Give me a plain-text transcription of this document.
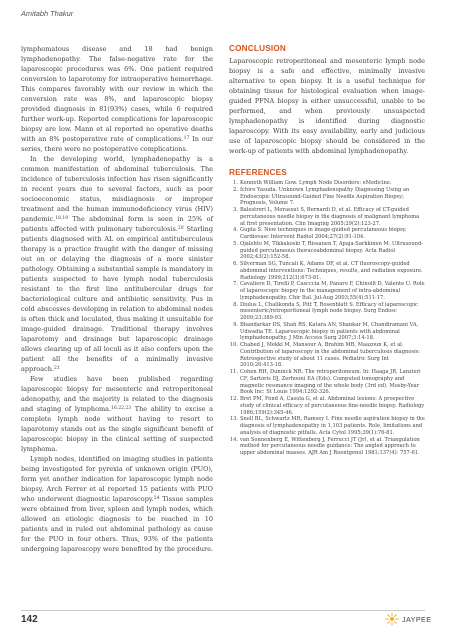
Amitabh Thakur

lymphomatous disease and 18 had benign lymphadenopathy. The false-negative rate for the laparoscopic procedures was 6%. One patient required conversion to laparotomy for intraoperative hemorrhage. This compares favorably with our review in which the conversion rate was 8%, and laparoscopic biopsy provided diagnosis in 81(93%) cases, while 6 required further work-up. Reported complications for laparoscopic biopsy are low. Mann et al reported no operative deaths with an 8% postoperative rate of complications.$^{17}$ In our series, there were no postoperative complications.

In the developing world, lymphadenopathy is a common manifestation of abdominal tuberculosis. The incidence of tuberculosis infection has risen significantly in recent years due to several factors, such as poor socioeconomic status, misdiagnosis or improper treatment and the human immunodeficiency virus (HIV) pandemic.$^{18,19}$ The abdominal form is seen in 25% of patients affected with pulmonary tuberculosis.$^{20}$ Starling patients diagnosed with AL on empirical antituberculous therapy is a practice fraught with the danger of missing out on or delaying the diagnosis of a more sinister pathology. Obtaining a substantial sample is mandatory in patients suspected to have lymph nodal tuberculosis resistant to the first line antitubercular drugs for bacteriological culture and antibiotic sensitivity. Pus in cold abscesses developing in relation to abdominal nodes is often thick and loculated, thus making it unsuitable for image-guided drainage. Traditional therapy involves laparotomy and drainage but laparoscopic drainage allows clearing up of all loculi as it also confers upon the patient all the benefits of a minimally invasive approach.$^{21}$

Few studies have been published regarding laparoscopic biopsy for mesenteric and retroperitoneal adenopathy, and the majority is related to the diagnosis and staging of lymphoma.$^{16,22,23}$ The ability to excise a complete lymph node without having to resort to laparotomy stands out as the single significant benefit of laparoscopic biopsy in the clinical setting of suspected lymphoma.

Lymph nodes, identified on imaging studies in patients being investigated for pyrexia of unknown origin (PUO), form yet another indication for laparoscopic lymph node biopsy. Arch Ferrer et al reported 15 patients with PUO who underwent diagnostic laparoscopy.$^{24}$ Tissue samples were obtained from liver, spleen and lymph nodes, which allowed an etiologic diagnosis to be reached in 10 patients and in ruled out abdominal pathology as cause for the PUO in four others. Thus, 93% of the patients undergoing laparoscopy were benefited by the procedure.

CONCLUSION

Laparoscopic retroperitoneal and mesenteric lymph node biopsy is a safe and effective, minimally invasive alternative to open biopsy. It is a useful technique for obtaining tissue for histological evaluation when image-guided PFNA biopsy is either unsuccessful, unable to be performed, and when previously unsuspected lymphadenopathy is identified during diagnostic laparoscopy. With its easy availability, early and judicious use of laparoscopic biopsy should be considered in the work-up of patients with abdominal lymphadenopathy.

REFERENCES
1. Kenneth William Gow. Lymph Node Disorders: eMedicine.
2. Ichiro Yasuda. Unknown Lymphadenopathy Diagnosing Using an Endoscopic Ultrasound-Guided Fine Needle Aspiration Biopsy; Prognosis, Volume 7.
3. Balestreri L, Morassut S, Bernardi D, et al. Efficacy of CT-guided percutaneous needle biopsy in the diagnosis of malignant lymphoma at first presentation. Clin Imaging 2005;29(2):123-27.
4. Gupta S. New techniques in image-guided percutaneous biopsy. Cardiovasc Intervent Radiol 2004;27(2):91-104.
5. Ojalehto M, Tikkakoski T, Rissanen T, Apaja-Sarkkinen M. Ultrasound-guided percutaneous thoracoabdominal biopsy. Acta Radiol 2002;43(2):152-58.
6. Silverman SG, Tuncali K, Adams DF, et al. CT fluoroscopy-guided abdominal interventions: Techniques, results, and radiation exposure. Radiology 1999;212(3):673-81.
7. Cavaliere D, Tirelli P, Cascccia M, Panaro F, Chinolfi D, Valente U. Role of laparoscopic biopsy in the management of intra-abdominal lymphadenopathy. Chir Ital. Jul-Aug 2003;55(4):511-17.
8. Diulus L, Chalikonda S, Pitt T, Rosenblatt S. Efficacy of laparoscopic mesenteric/retroperitoneal lymph node biopsy. Surg Endosc 2009;23:389-93.
9. Bhandarkar DS, Shah RS, Katara AN, Shankar M, Chandiramani VA, Udwadia TE. Laparoscopic biopsy in patients with abdominal lymphadenopathy. J Min Access Surg 2007;3:14-18.
10. Chabed J, Mekki M, Mansour A, Brahim MB, Maazoun K, et al. Contribution of laparoscopy in the abdominal tuberculosis diagnosis: Retrospective study of about 11 cases. Pediatric Surg Int 2010;26:413-18.
11. Cohen RH, Dunnick NR. The retroperitoneum. In: Haaga JR, Lanzieri CF, Sartoris DJ, Zerhouni EA (Eds). Computed tomography and magnetic resonance imaging of the whole body (3rd ed). Mosby-Year Book Inc: St Louis 1994;1292-326.
12. Bret PM, Fond A, Casola G, et al. Abdominal lesions: A prospective study of clinical efficacy of percutaneous fine-needle biopsy. Radiology 1986;159(2):345-46.
13. Snell BL, Schwartz MR, Ramsey I. Fine needle aspiration biopsy in the diagnosis of lymphadenopathy in 1,103 patients. Role, limitations and analysis of diagnostic pitfalls. Acta Cytol 1995;39(1):76-81.
14. van Sonnenberg E, Wittenberg J, Ferrucci JT (Jr), et al. Triangulation method for percutaneous needle guidance: The angled approach to upper abdominal masses. AJR Am J Roentgenol 1981;137(4): 757-61.
142	JAYPEE
